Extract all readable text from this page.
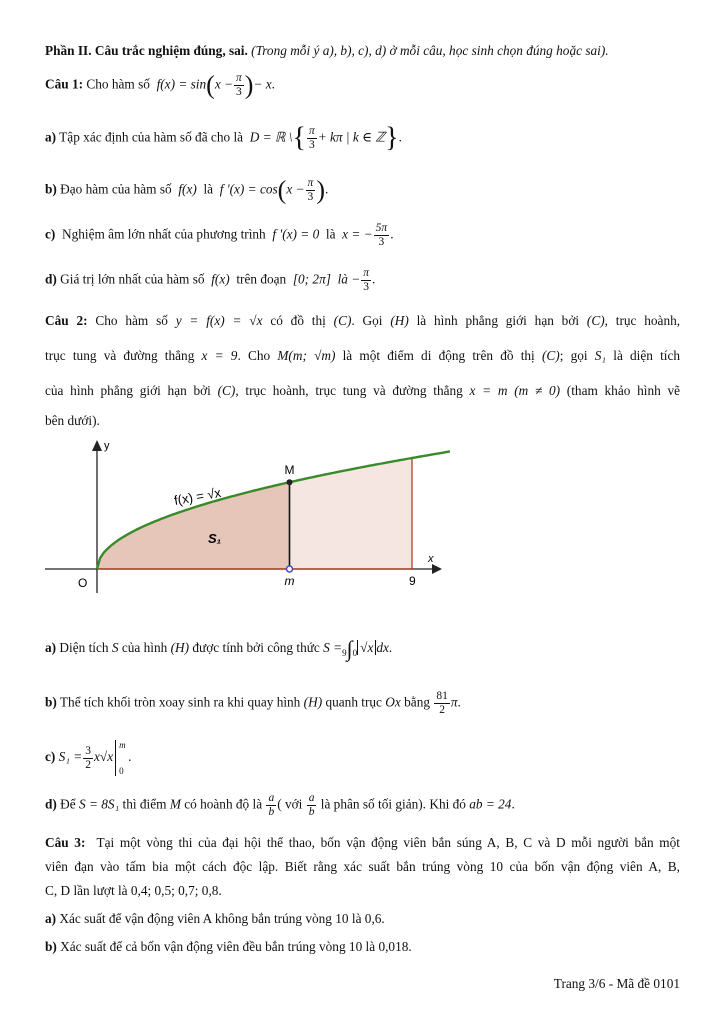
Phần II. Câu trắc nghiệm đúng, sai. (Trong mỗi ý a), b), c), d) ở mỗi câu, học sinh chọn đúng hoặc sai).
Câu 1: Cho hàm số $f(x) = \sin(x - \frac{\pi}{3}$ )− x.
a) Tập xác định của hàm số đã cho là D = ℝ \{ $\frac{\pi}{3} + k\pi$ | k ∈ ℤ}.
b) Đạo hàm của hàm số f(x) là f '$(x) = \cos(x - \frac{\pi}{3}$ ).
c) Nghiệm âm lớn nhất của phương trình f '(x) = 0 là x = − $\frac{5\pi}{3}$ .
d) Giá trị lớn nhất của hàm số f(x) trên đoạn [0; 2π] là − $\frac{\pi}{3}$ .
Câu 2: Cho hàm số y = f(x) = √x có đồ thị (C). Gọi (H) là hình phẳng giới hạn bởi (C), trục hoành,
trục tung và đường thẳng x = 9. Cho M(m; √m) là một điểm di động trên đồ thị (C); gọi S₁ là diện tích
của hình phẳng giới hạn bởi (C), trục hoành, trục tung và đường thẳng x = m (m ≠ 0) (tham khảo hình vẽ
bên dưới).
y
x
O
f(x) = √x
S₁
M
m	9
a) Diện tích S của hình (H) được tính bởi công thức S =9∫0 √x dx.
b) Thể tích khối tròn xoay sinh ra khi quay hình (H) quanh trục Ox bằng $\frac{81}{2} \pi$.
c) $S_1 = \frac{3}{2} x√x$
m
0
.
d) Để S = 8S₁ thì điểm M có hoành độ là $\frac{a}{b}$ ( với $\frac{a}{b}$ là phân số tối giản). Khi đó ab = 24.
Câu 3: Tại một vòng thi của đại hội thể thao, bốn vận động viên bắn súng A, B, C và D mỗi người bắn một
viên đạn vào tấm bia một cách độc lập. Biết rằng xác suất bắn trúng vòng 10 của bốn vận động viên A, B,
C, D lần lượt là 0,4; 0,5; 0,7; 0,8.
a) Xác suất để vận động viên A không bắn trúng vòng 10 là 0,6.
b) Xác suất để cả bốn vận động viên đều bắn trúng vòng 10 là 0,018.
Trang 3/6 - Mã đề 0101
